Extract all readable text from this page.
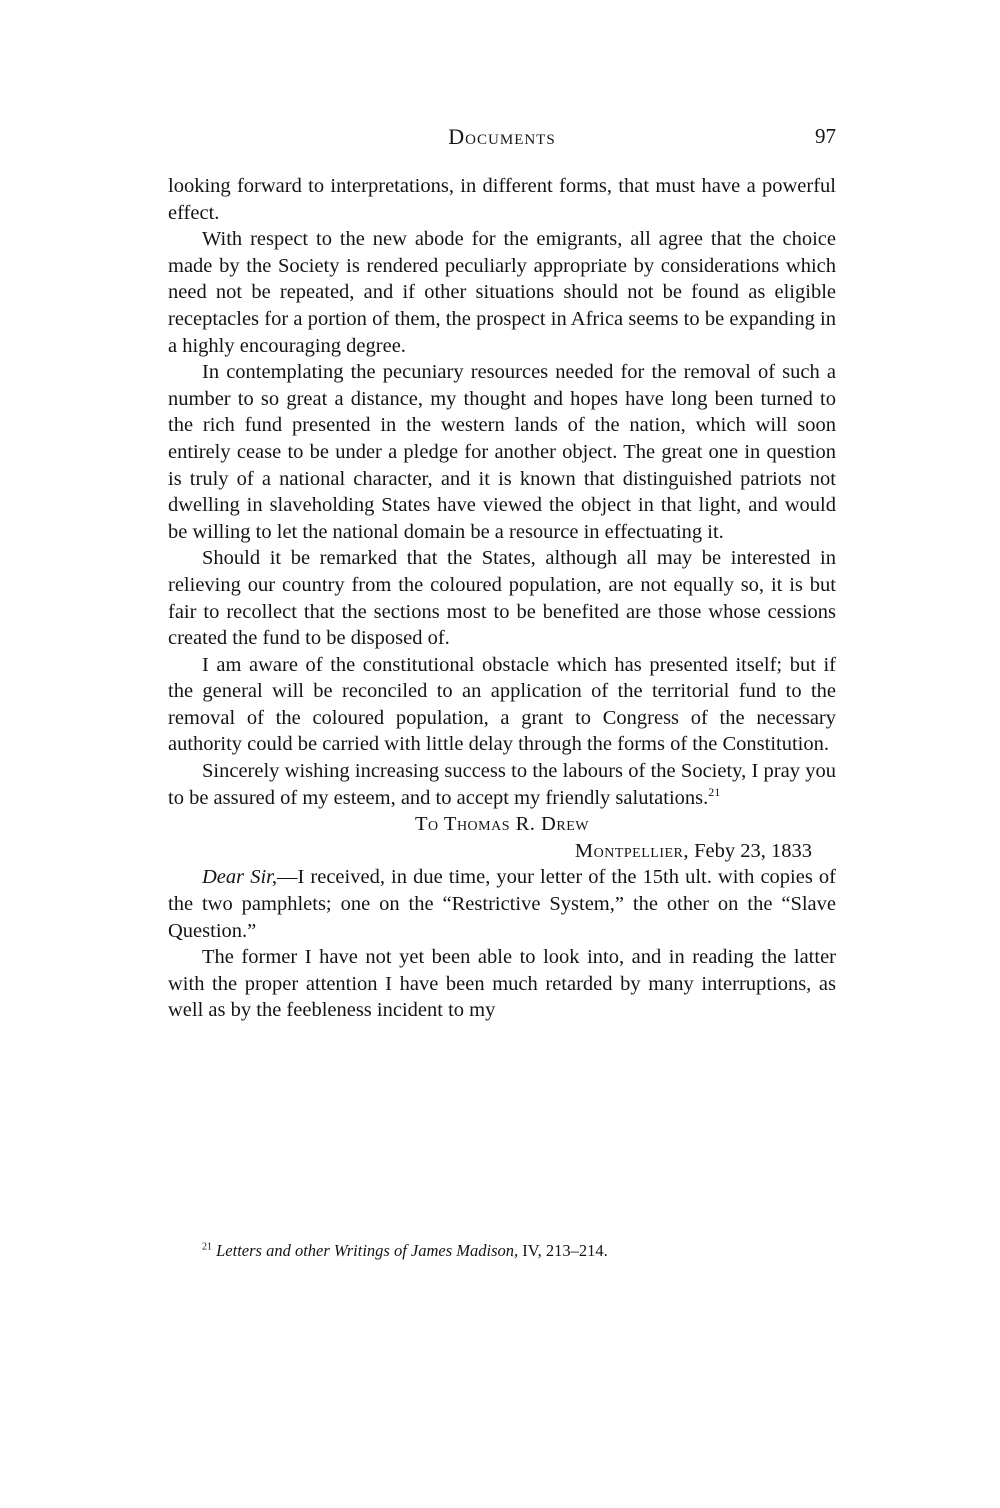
Documents	97

looking forward to interpretations, in different forms, that must have a powerful effect.

With respect to the new abode for the emigrants, all agree that the choice made by the Society is rendered peculiarly appropriate by considerations which need not be repeated, and if other situations should not be found as eligible receptacles for a portion of them, the prospect in Africa seems to be expanding in a highly encouraging degree.

In contemplating the pecuniary resources needed for the removal of such a number to so great a distance, my thought and hopes have long been turned to the rich fund presented in the western lands of the nation, which will soon entirely cease to be under a pledge for another object. The great one in question is truly of a national character, and it is known that distinguished patriots not dwelling in slaveholding States have viewed the object in that light, and would be willing to let the national domain be a resource in effectuating it.

Should it be remarked that the States, although all may be interested in relieving our country from the coloured population, are not equally so, it is but fair to recollect that the sections most to be benefited are those whose cessions created the fund to be disposed of.

I am aware of the constitutional obstacle which has presented itself; but if the general will be reconciled to an application of the territorial fund to the removal of the coloured population, a grant to Congress of the necessary authority could be carried with little delay through the forms of the Constitution.

Sincerely wishing increasing success to the labours of the Society, I pray you to be assured of my esteem, and to accept my friendly salutations.$^{21}$

To Thomas R. Drew

Montpellier, Feby 23, 1833

Dear Sir,—I received, in due time, your letter of the 15th ult. with copies of the two pamphlets; one on the “Restrictive System,” the other on the “Slave Question.”

The former I have not yet been able to look into, and in reading the latter with the proper attention I have been much retarded by many interruptions, as well as by the feebleness incident to my

$^{21}$ Letters and other Writings of James Madison, IV, 213–214.
